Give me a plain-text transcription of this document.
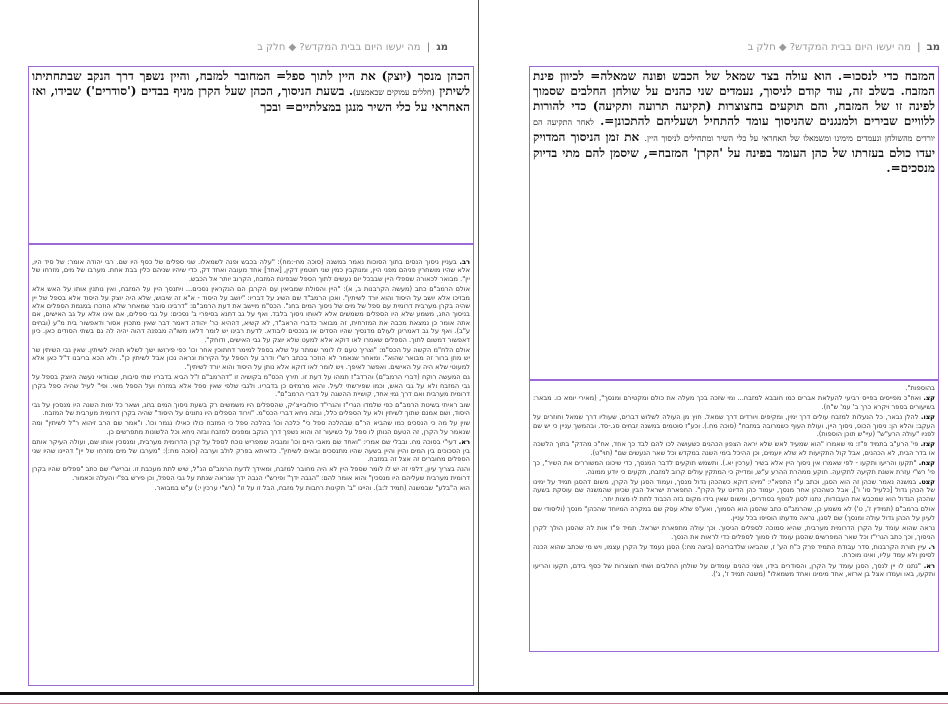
מג | מה יעשו היום בבית המקדש? ◆ חלק ב
הכהן מנסך (יוצק) את היין לתוך ספל= המחובר למזבח, והיין נשפך דרך הנקב שבתחתיתו לשיתין (חללים עמוקים שבאמצע). בשעת הניסוך, הכהן שעל הקרן מניף בבדים ('סודרים') שבידו, ואז האחראי על כלי השיר מנגן במצלתיים= ובכך

רב. בעניין ניסוך הנסים בתוך הסוכות נאמר במשנה (סוכה מח-:מח): "עלה בכבש ופנה לשמאלו. שני ספלים של כסף היו שם. רבי יהודה אומר: של סיד היו, אלא שהיו מושחרין פניהם מפני היין, ומנוקבין כמין שני חוטמין דקין, [אחד] אחד מעובה ואחד דק, כדי שיהיו שניהם כלין בבת אחת. מערבו של מים, מזרחו של יין". מבואר לכאורה שספלי היין שבבכל יום נעשים לתוך הספל שבפינת המזבח, הקרוב יותר אל הכבש.

אולם הרמב"ם כתב (מעשה הקרבנות ב, א): "היין והסולת שמביאין עם הקרבן הם הנקראין נסכים... ויתנסך היין על המזבח, ואין נותנין אותו על האש אלא מבזיכו אלא יושב על היסוד והוא יורד לשיתין". ואכן הרמב"ד שם השיג על דבריו: "יושב על היסוד - א"א זה שיבוש, שלא היה יוצק על היסוד אלא בספל של יין שהיה בקרן מערבית דרומית עם ספל של מים של ניסוך המים בחג". הכס"מ מיישב את דעת הרמב"ם: "דרבינו סובר שמאחר שלא הוזכרו במגמת הספלים אלא בניסוך החג, משמע שלא היו הספלים משמשים אלא לאותו ניסוך בלבד. ואף על גב דתנא בסיפרי ב' נסכים: על גבי ספלים, אם אינו אלא על גב האישים, אם אתה אומר כן נמצאת מכבה את המזרחית, זה מבואר כדברי הראב"ד, לא קשיא, דההיא כר' יהודה דאמר דבר שאין מתכוין אסור ודאפשור בית מ"ע (ובחים ע"ב). ואף על גב דאמרינן לעולם מדנסיך שהיו הסדים או בנכסים ליבודא. לדעת רבינו יש לומר דלאו משו"ה מבפנה דהוה יהיה לה גם בשתי הסודים כאן. כיון דאפשור דמשום לתוך. הספלים שאמרו לאו דוקא אלא למעט שלא יוצק על גבי האישים, ודוחק".

אולם הלח"מ הקשה על הכס"מ: "וצריך טעם לו לומר שמתר על שלא בספל למימר דחתוכין אחר וכו' כפי פירושו ישך לשלא תהיה לשיתין. שאין גבי השיתין שר יש מוזן ברור זה מבואר שהוא". ומאחר שנאמר לא הוזכר בכתב רש"י ודרב על הספל על הקירות ונראה נכון אבל לשיתין כן". ולא הכא בריבנו ד"ל כאן אלא למעוטי שלא היה על האישים. ואפשר לאיפך. ויש לומר לאו דוקא אלא נותן על היסוד והוא יורד לשיתין".

גם המעשה רוקח (דברי הרמב"ם) והרדב"ז תמהו על דעת זו. תירץ הכס"מ בקושיה זו "דהרמב"ם ז"ל הביא בדבריו שתי סיבות, שבוודאי נעשה היוצק בספל על גבי המזבח ולא על גבי האש, וכמו שפירשתי לעיל. והוא מרמזים כן בדבריו. ולגבי שלפי שאין ספל אלא במזרח ועל הספל מאי. ופי" לעיל שהיה ספל בקרן דרומית מערבית ואם דרך נמי אחד, קושיית ההשגה על דברי הרמב"ם".

שוב ראיתי בשיטת הרמב"ם כפי שלמדו הגרי"ז והגרי"ד סולובייצ'יק, שהספלים היו משמשים רק בשעת ניסוך המים בחג, ושאר כל ימות השנה היו מנסכין על גבי היסוד, ושם אמנם שתוך לשיתין ולא על הספלים כלל, ובזה ניחא דברי הכס"מ. "וירוד הספלים היו נתונים על היסוד" שהיה בקרן דרומית מערבית של המזבח.

שוין על מה כי הנסכים כמו שהביא הר"ם שבהלכה ספל כי" כלכה וכו' בהלכה ספל כי המזבח כולו כאילו נגמר וכו'. ו"אמר שם הרב זיהוא ר"ל לשיתין" ומה שנאמר על הקרן, זה הטעם הנותן לו ספל על כשיעור זה והוא נשפך דרך הנקב ומפנים למזבח ובזה ניחא וכל הלשונות מתפרשים כן.

רא. דעי"י בסוכה מח. ובבלי שם אמרי: "ואחד שם מאבי היים וכו' ומגביה שמפריש נוכח לספל על קרן הדרומית מערבית, ומנסכין אותו שם, ועולה העיקר אותם בין הסכוכים בין המים והיין והיין בשעה שהיו מתנסכים ובאים לשיתין". כדאיתא בפרק לולב וערבה (סוכה מח:): "מערבו של מים מזרחו של יין" דהיינו שהיו שני הספלים מחוברים זה אצל זה במזבח.

והנה בצריך עיון, דלפי זה יש לו לומר שספל היין לא היה מחובר למזבח, ומאידך לדעת הרמב"ם הנ"ל, שיש לתת מעכבת זו. ובריש"י שם כתב "ספלים שהיו בקרן דרומית מערבית שעליהם היו מנסכין" והוא אומר להם: "הגבה ידך" ופירש"י הגבה ידך שנראה שנתת על גבי הספל, וכן פירש בפ"י והעלה וכאמור.

הוא ה"בלע" שבמשנה (תמיד ל:ב). והיינו "ב' תקינות רחבות על מזבח, הבל זו על זו" (רש"י ערכין י:) ע"ש במבואר.

מב | מה יעשו היום בבית המקדש? ◆ חלק ב
המזבח כדי לנסכו=. הוא עולה בצד שמאל של הכבש ופונה שמאלה= לכיוון פינת המזבח. בשלב זה, עוד קודם לניסוך, נעמדים שני כהנים על שולחן החלבים שסמוך לפינה זו של המזבח, והם תוקעים בחצוצרות (תקיעה תרועה ותקיעה) כדי להורות ללוויים שבירים ולמנגנים שהניסוך עומד להתחיל ושעליהם להתכונן=. לאחר התקיעה הם יורדים מהשולחן ונעמדים מימינו ומשמאלו של האחראי על כלי השיר ומתחילים לניסוך היין. את זמן הניסוך המדויק יעדו כולם בעזרתו של כהן העומד בפינה על 'הקרן' המזבח=, שיסמן להם מתי בדיוק מנסכים=.

בהוספות".

קצ. ואח"כ מפייסים בפייס רביעי להעלאת אברים כמו חובבא למזבח... ומי שזכה בכך מעלה את כולם ומקטירם ומנסך", (מאירי יומא כו. מבאר: בשיעורים בספר ויקרא כרך ב' עמ' ש"ח).

קצו. להלן נבאר, כל הנעלות למזבח עולים דרך ימין, ומקיפים ויורדים דרך שמאל. חוץ מן העולה לשלוש דברים, שעוליו דרך שמאל וחוזרים על העקב: והלא הן: ניסוך הכוס, ניסוך היין, ועולת העוף כשמרובה במזבח" (סוכה מח.). וכע"ז סוטמים במשנה זבחים סג.-סד. ובהמשך עניין כי יש שם לפניו "עולה הרע"ש" (עיי"ש תוכן הוספות).

קצז. פי' הרע"ב בתמיד פ"ז: מי שאמרו "הוא שמעיד לאש שלא יראה הצפון הכהנים כשעושה לכו להם לבד כך אחד, אח"כ מהדק" בתוך הלשכה או בדר הבית, לא הכהנים, אבל קול התקיעות לא שלא יועמים, וכן ההיכל בימי השנה במקדש וכל שאר הנעשים שם" (תוי"ט).

קצח. "תקעו והריעו ותקעו - לפי שאמרו אין ניסוך היין אלא בשיר (ערכין יא.). ותשמש תוקעים לדבר המנסך, כדי שיכונו המשוררים את השיר", כך פי' רש"י עזרת אשנת תקיעה לתקיעה. תוקע ממהרת ההרע ע"ש, ומדייק כי המתקין עולים קרוב למזבח, תקעים כי יודע ממונה.

קצט. במשנה נאמר שכהן זה הוא הסגן, וכתב ע"ז התפא"י: "מיהו דוקא כשהכהן גדול מנסך, ועמוד הסגן על הקרן, משום דהסגן תמיד על ימינו של הכהן גדול [כלעיל סו' ו'], אבל כשהכהן אחר מנסך, יעמוד כהן הדיוט על הקרן". התפארת ישראל הבין שכיוון שהמשנה שם עוסקת בשעה שהכהן הגדול הוא שמכבש את העבודות, נתנו לסגן לנופף בסודרים, ומשום שאין בידו מקום בזה הכבוד לתת לו מצות יתר.

אולם ברמב"ם (תמידין ז', ט') לא משמע כן, שהרמב"ם כתב שהסגן הוא הסמוך, ואע"פ שלא עסק שם במקרה המיוחד שהכהן" מנסך (וליסודי שם לעיון על הכהן גדול עולה ומנסך) שם לסגן, נראה מדעתו הוסיפו בכל עניין.

נראה שהוא עומד על הקרן הדרומית מערבית, שהיא סמוכה לספלים הניסוך. וכך עולה מתפארת ישראל. תמיד פ"ז אות לה שהסגן הולך לקרן הניסוך, וכך כתב הגרי"ז וכל שאר המפרשים שהסגן עומד לו סמוך לספלים כדי לראות את הנסך.

ר. עיין תורת הקרבנות, סדר עבודת התמיד פרק כ"ח הע' ז, שהביאו שלדבריהם (ביצה מח:) הסגן נעמד על הקרן עצמו, ויש מי שכתב שהוא הכנה לסימן ולא עמד עליו, ואינו מוכרח.

רא. "נתנו לו יין לנסך, הסגן עומד על הקרן, והסודרים בידו, ושני כהנים עומדים על שולחן החלבים ושתי חצוצרות של כסף בידם, תקעו והריעו ותקעו, באו ועמדו אצל בן ארזא, אחד מימינו ואחד משמאלו" (משנה תמיד ז', ג').
